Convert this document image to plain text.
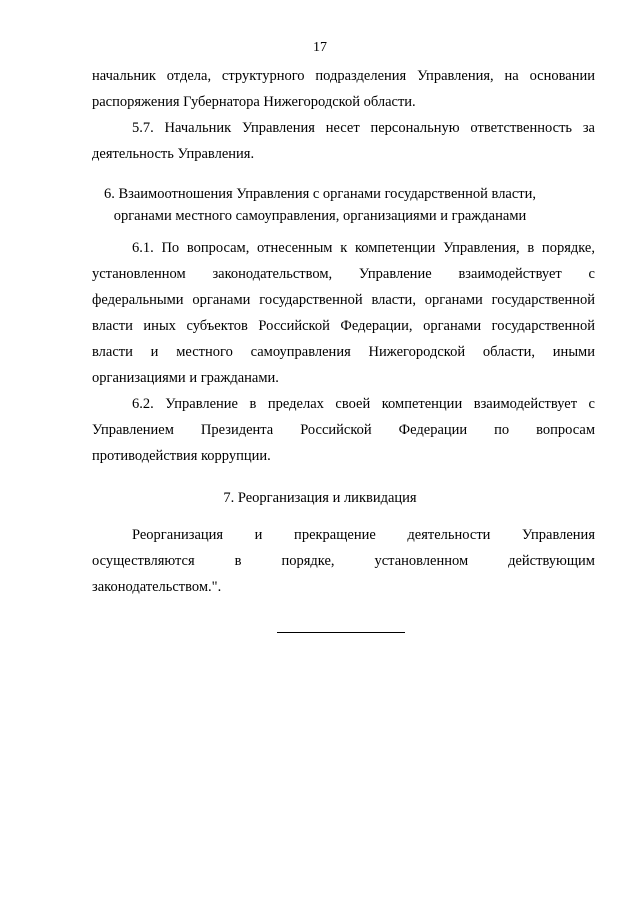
17
начальник отдела, структурного подразделения Управления, на основании
распоряжения Губернатора Нижегородской области.
5.7. Начальник Управления несет персональную ответственность за
деятельность Управления.
6. Взаимоотношения Управления с органами государственной власти,
органами местного самоуправления, организациями и гражданами
6.1. По вопросам, отнесенным к компетенции Управления, в порядке,
установленном законодательством, Управление взаимодействует с
федеральными органами государственной власти, органами государственной
власти иных субъектов Российской Федерации, органами государственной
власти и местного самоуправления Нижегородской области, иными
организациями и гражданами.
6.2. Управление в пределах своей компетенции взаимодействует с
Управлением Президента Российской Федерации по вопросам
противодействия коррупции.
7. Реорганизация и ликвидация
Реорганизация и прекращение деятельности Управления
осуществляются в порядке, установленном действующим
законодательством.".
